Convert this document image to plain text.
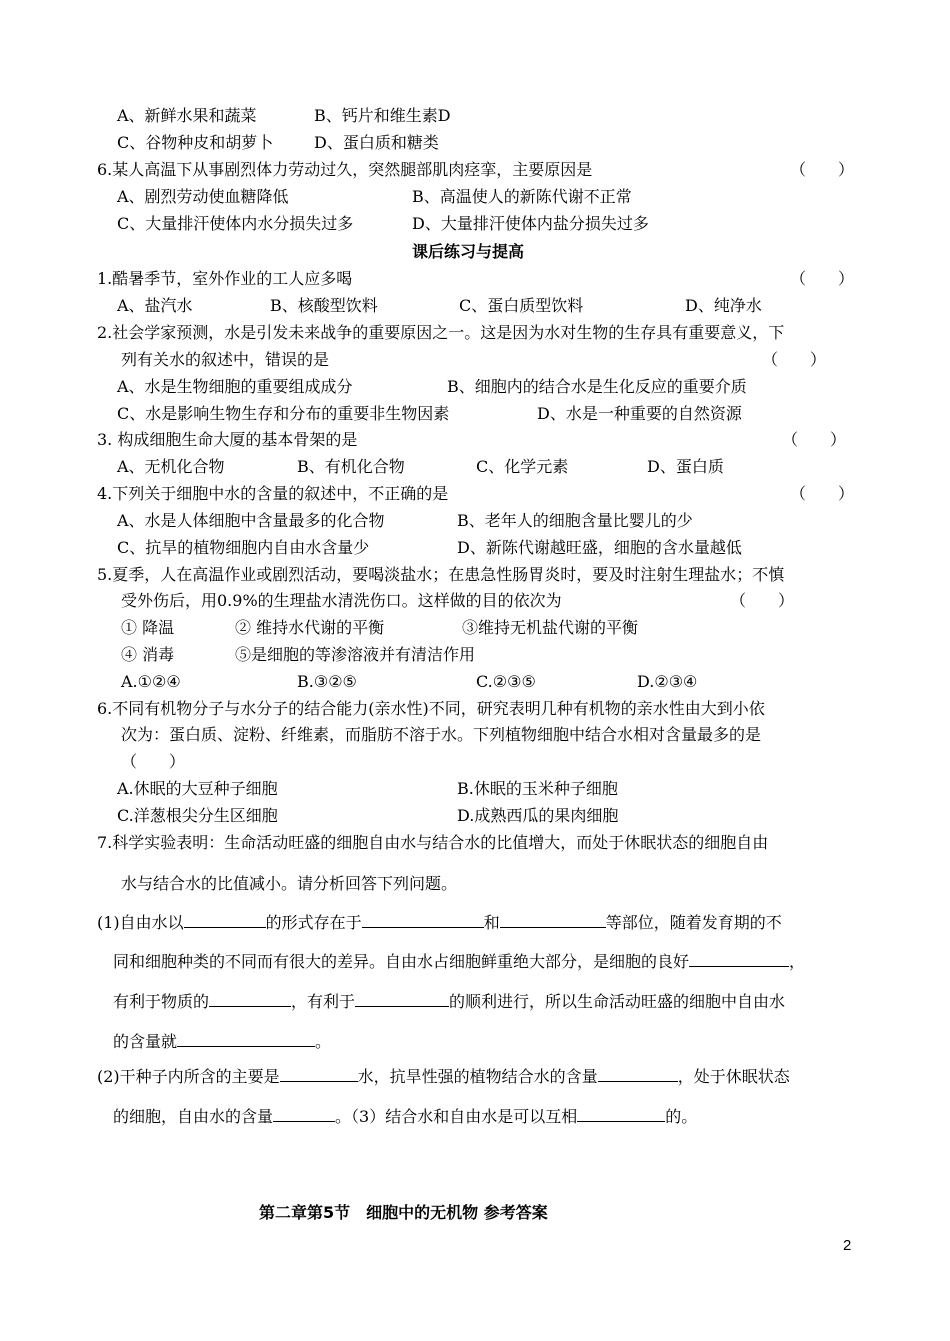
A、新鲜水果和蔬菜	B、钙片和维生素D
C、谷物种皮和胡萝卜	D、蛋白质和糖类
6.某人高温下从事剧烈体力劳动过久，突然腿部肌肉痉挛，主要原因是	（　　）
A、剧烈劳动使血糖降低	B、高温使人的新陈代谢不正常
C、大量排汗使体内水分损失过多	D、大量排汗使体内盐分损失过多
课后练习与提高
1.酷暑季节，室外作业的工人应多喝	（　　）
A、盐汽水	B、核酸型饮料	C、蛋白质型饮料	D、纯净水
2.社会学家预测，水是引发未来战争的重要原因之一。这是因为水对生物的生存具有重要意义，下
列有关水的叙述中，错误的是	（　　）
A、水是生物细胞的重要组成成分	B、细胞内的结合水是生化反应的重要介质
C、水是影响生物生存和分布的重要非生物因素	D、水是一种重要的自然资源
3. 构成细胞生命大厦的基本骨架的是	（　　）
A、无机化合物	B、有机化合物	C、化学元素	D、蛋白质
4.下列关于细胞中水的含量的叙述中，不正确的是	（　　）
A、水是人体细胞中含量最多的化合物	B、老年人的细胞含量比婴儿的少
C、抗旱的植物细胞内自由水含量少	D、新陈代谢越旺盛，细胞的含水量越低
5.夏季，人在高温作业或剧烈活动，要喝淡盐水；在患急性肠胃炎时，要及时注射生理盐水；不慎
受外伤后，用0.9%的生理盐水清洗伤口。这样做的目的依次为	（　　）
① 降温	② 维持水代谢的平衡	③维持无机盐代谢的平衡
④ 消毒	⑤是细胞的等渗溶液并有清洁作用
A.①②④	B.③②⑤	C.②③⑤	D.②③④
6.不同有机物分子与水分子的结合能力(亲水性)不同，研究表明几种有机物的亲水性由大到小依
次为：蛋白质、淀粉、纤维素，而脂肪不溶于水。下列植物细胞中结合水相对含量最多的是
（　　）
A.休眠的大豆种子细胞	B.休眠的玉米种子细胞
C.洋葱根尖分生区细胞	D.成熟西瓜的果肉细胞
7.科学实验表明：生命活动旺盛的细胞自由水与结合水的比值增大，而处于休眠状态的细胞自由
水与结合水的比值减小。请分析回答下列问题。
(1)自由水以	的形式存在于	和	等部位，随着发育期的不
同和细胞种类的不同而有很大的差异。自由水占细胞鲜重绝大部分，是细胞的良好	，
有利于物质的	，有利于	的顺利进行，所以生命活动旺盛的细胞中自由水
的含量就	。
(2)干种子内所含的主要是	水，抗旱性强的植物结合水的含量	，处于休眠状态
的细胞，自由水的含量	。（3）结合水和自由水是可以互相	的。
第二章第5节　细胞中的无机物 参考答案
2
